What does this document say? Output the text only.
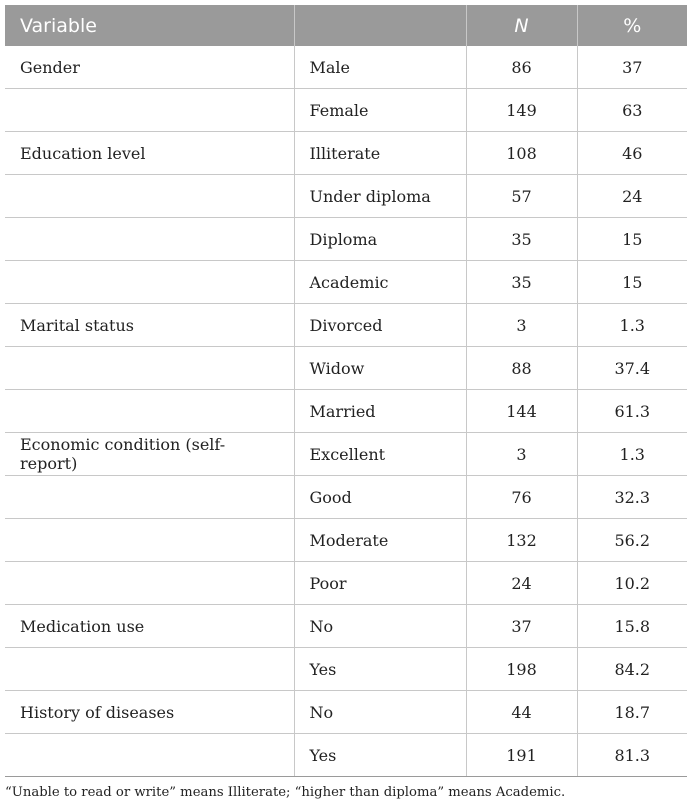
Variable		N	%
Gender	Male	86	37
	Female	149	63
Education level	Illiterate	108	46
	Under diploma	57	24
	Diploma	35	15
	Academic	35	15
Marital status	Divorced	3	1.3
	Widow	88	37.4
	Married	144	61.3
Economic condition (self-report)	Excellent	3	1.3
	Good	76	32.3
	Moderate	132	56.2
	Poor	24	10.2
Medication use	No	37	15.8
	Yes	198	84.2
History of diseases	No	44	18.7
	Yes	191	81.3
“Unable to read or write” means Illiterate; “higher than diploma” means Academic.
